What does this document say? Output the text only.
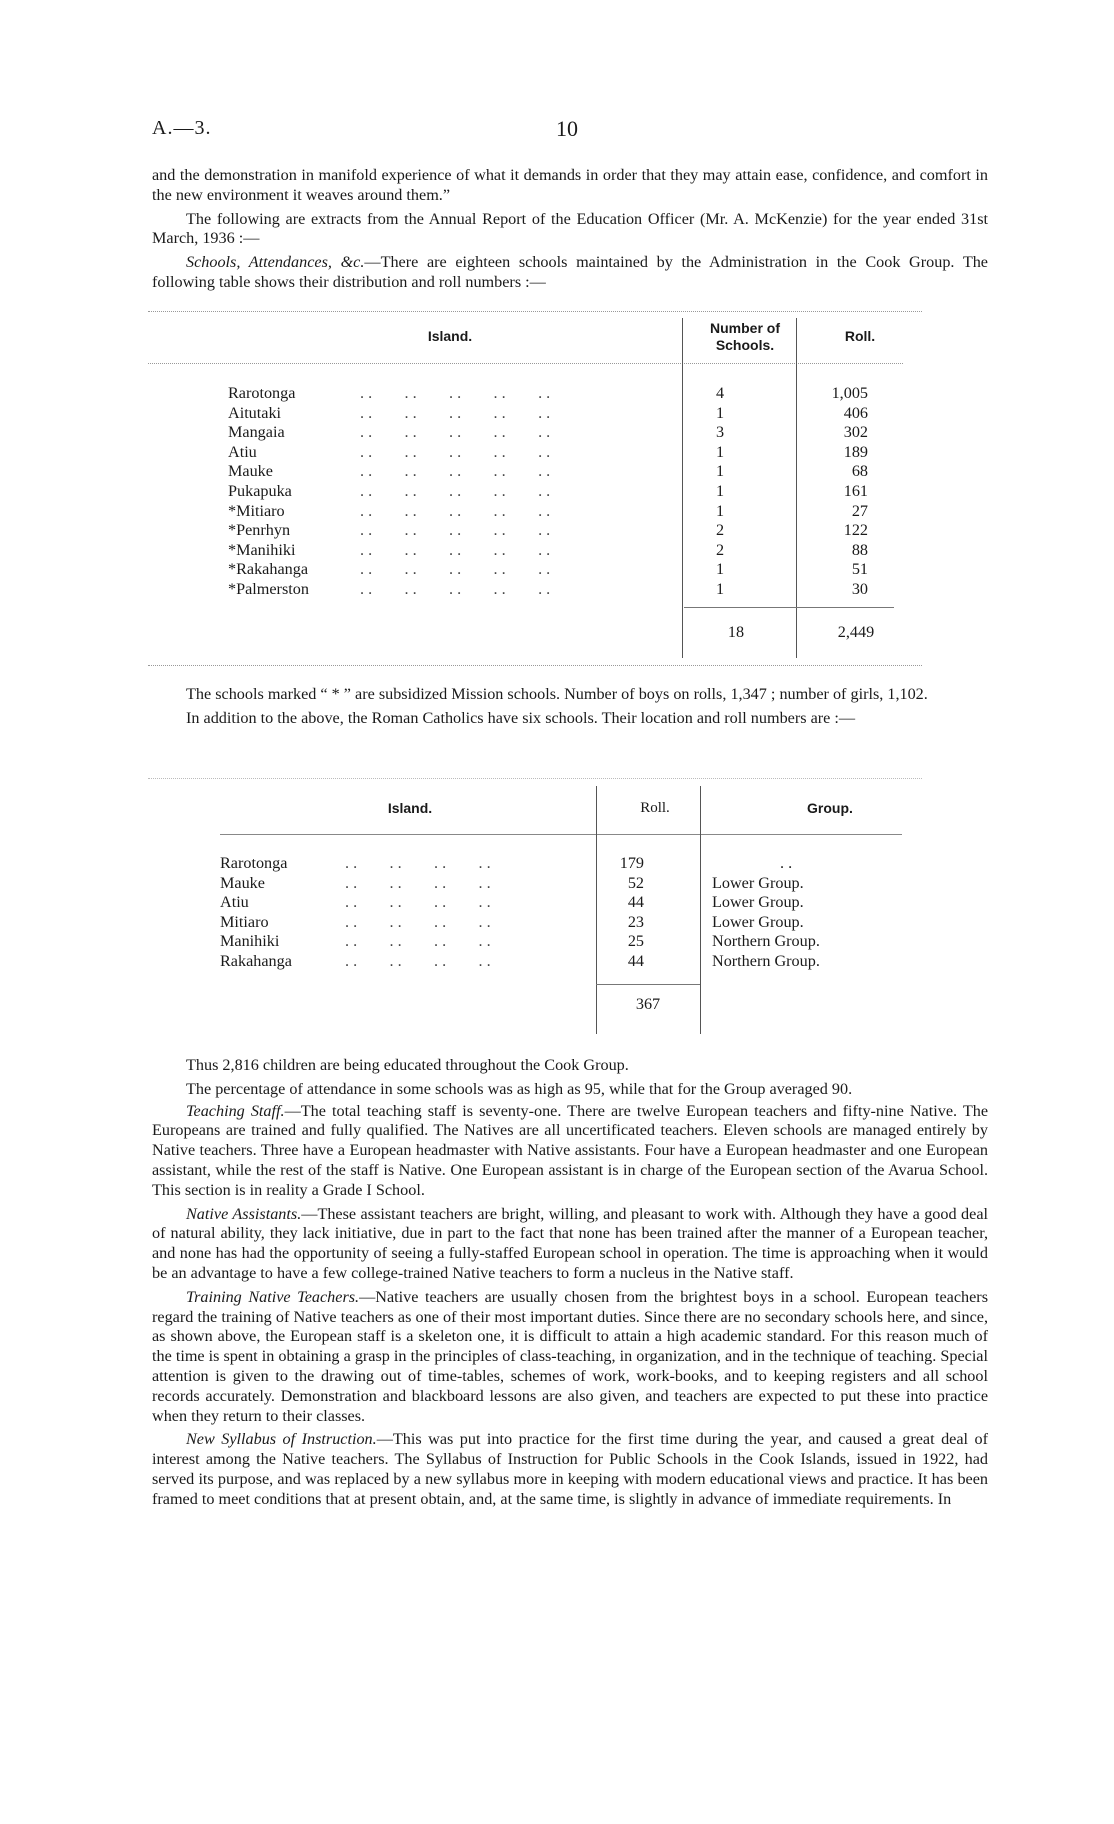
A.—3.	10

and the demonstration in manifold experience of what it demands in order that they may attain ease, confidence, and comfort in the new environment it weaves around them.”

The following are extracts from the Annual Report of the Education Officer (Mr. A. McKenzie) for the year ended 31st March, 1936 :—

Schools, Attendances, &c.—There are eighteen schools maintained by the Administration in the Cook Group. The following table shows their distribution and roll numbers :—

Island.	Number of
Schools.
Roll.
Rarotonga	. .        . .        . .        . .        . .	4	1,005
Aitutaki	. .        . .        . .        . .        . .	1	406
Mangaia	. .        . .        . .        . .        . .	3	302
Atiu	. .        . .        . .        . .        . .	1	189
Mauke	. .        . .        . .        . .        . .	1	68
Pukapuka	. .        . .        . .        . .        . .	1	161
*Mitiaro	. .        . .        . .        . .        . .	1	27
*Penrhyn	. .        . .        . .        . .        . .	2	122
*Manihiki	. .        . .        . .        . .        . .	2	88
*Rakahanga	. .        . .        . .        . .        . .	1	51
*Palmerston	. .        . .        . .        . .        . .	1	30
18	2,449

The schools marked “ * ” are subsidized Mission schools. Number of boys on rolls, 1,347 ; number of girls, 1,102.

In addition to the above, the Roman Catholics have six schools. Their location and roll numbers are :—

Island.	Roll.	Group.
Rarotonga	. .        . .        . .        . .	179	. .
Mauke	. .        . .        . .        . .	52	Lower Group.
Atiu	. .        . .        . .        . .	44	Lower Group.
Mitiaro	. .        . .        . .        . .	23	Lower Group.
Manihiki	. .        . .        . .        . .	25	Northern Group.
Rakahanga	. .        . .        . .        . .	44	Northern Group.
367

Thus 2,816 children are being educated throughout the Cook Group.

The percentage of attendance in some schools was as high as 95, while that for the Group averaged 90.

Teaching Staff.—The total teaching staff is seventy-one. There are twelve European teachers and fifty-nine Native. The Europeans are trained and fully qualified. The Natives are all uncertificated teachers. Eleven schools are managed entirely by Native teachers. Three have a European headmaster with Native assistants. Four have a European headmaster and one European assistant, while the rest of the staff is Native. One European assistant is in charge of the European section of the Avarua School. This section is in reality a Grade I School.

Native Assistants.—These assistant teachers are bright, willing, and pleasant to work with. Although they have a good deal of natural ability, they lack initiative, due in part to the fact that none has been trained after the manner of a European teacher, and none has had the opportunity of seeing a fully-staffed European school in operation. The time is approaching when it would be an advantage to have a few college-trained Native teachers to form a nucleus in the Native staff.

Training Native Teachers.—Native teachers are usually chosen from the brightest boys in a school. European teachers regard the training of Native teachers as one of their most important duties. Since there are no secondary schools here, and since, as shown above, the European staff is a skeleton one, it is difficult to attain a high academic standard. For this reason much of the time is spent in obtaining a grasp in the principles of class-teaching, in organization, and in the technique of teaching. Special attention is given to the drawing out of time-tables, schemes of work, work-books, and to keeping registers and all school records accurately. Demonstration and blackboard lessons are also given, and teachers are expected to put these into practice when they return to their classes.

New Syllabus of Instruction.—This was put into practice for the first time during the year, and caused a great deal of interest among the Native teachers. The Syllabus of Instruction for Public Schools in the Cook Islands, issued in 1922, had served its purpose, and was replaced by a new syllabus more in keeping with modern educational views and practice. It has been framed to meet conditions that at present obtain, and, at the same time, is slightly in advance of immediate requirements. In
